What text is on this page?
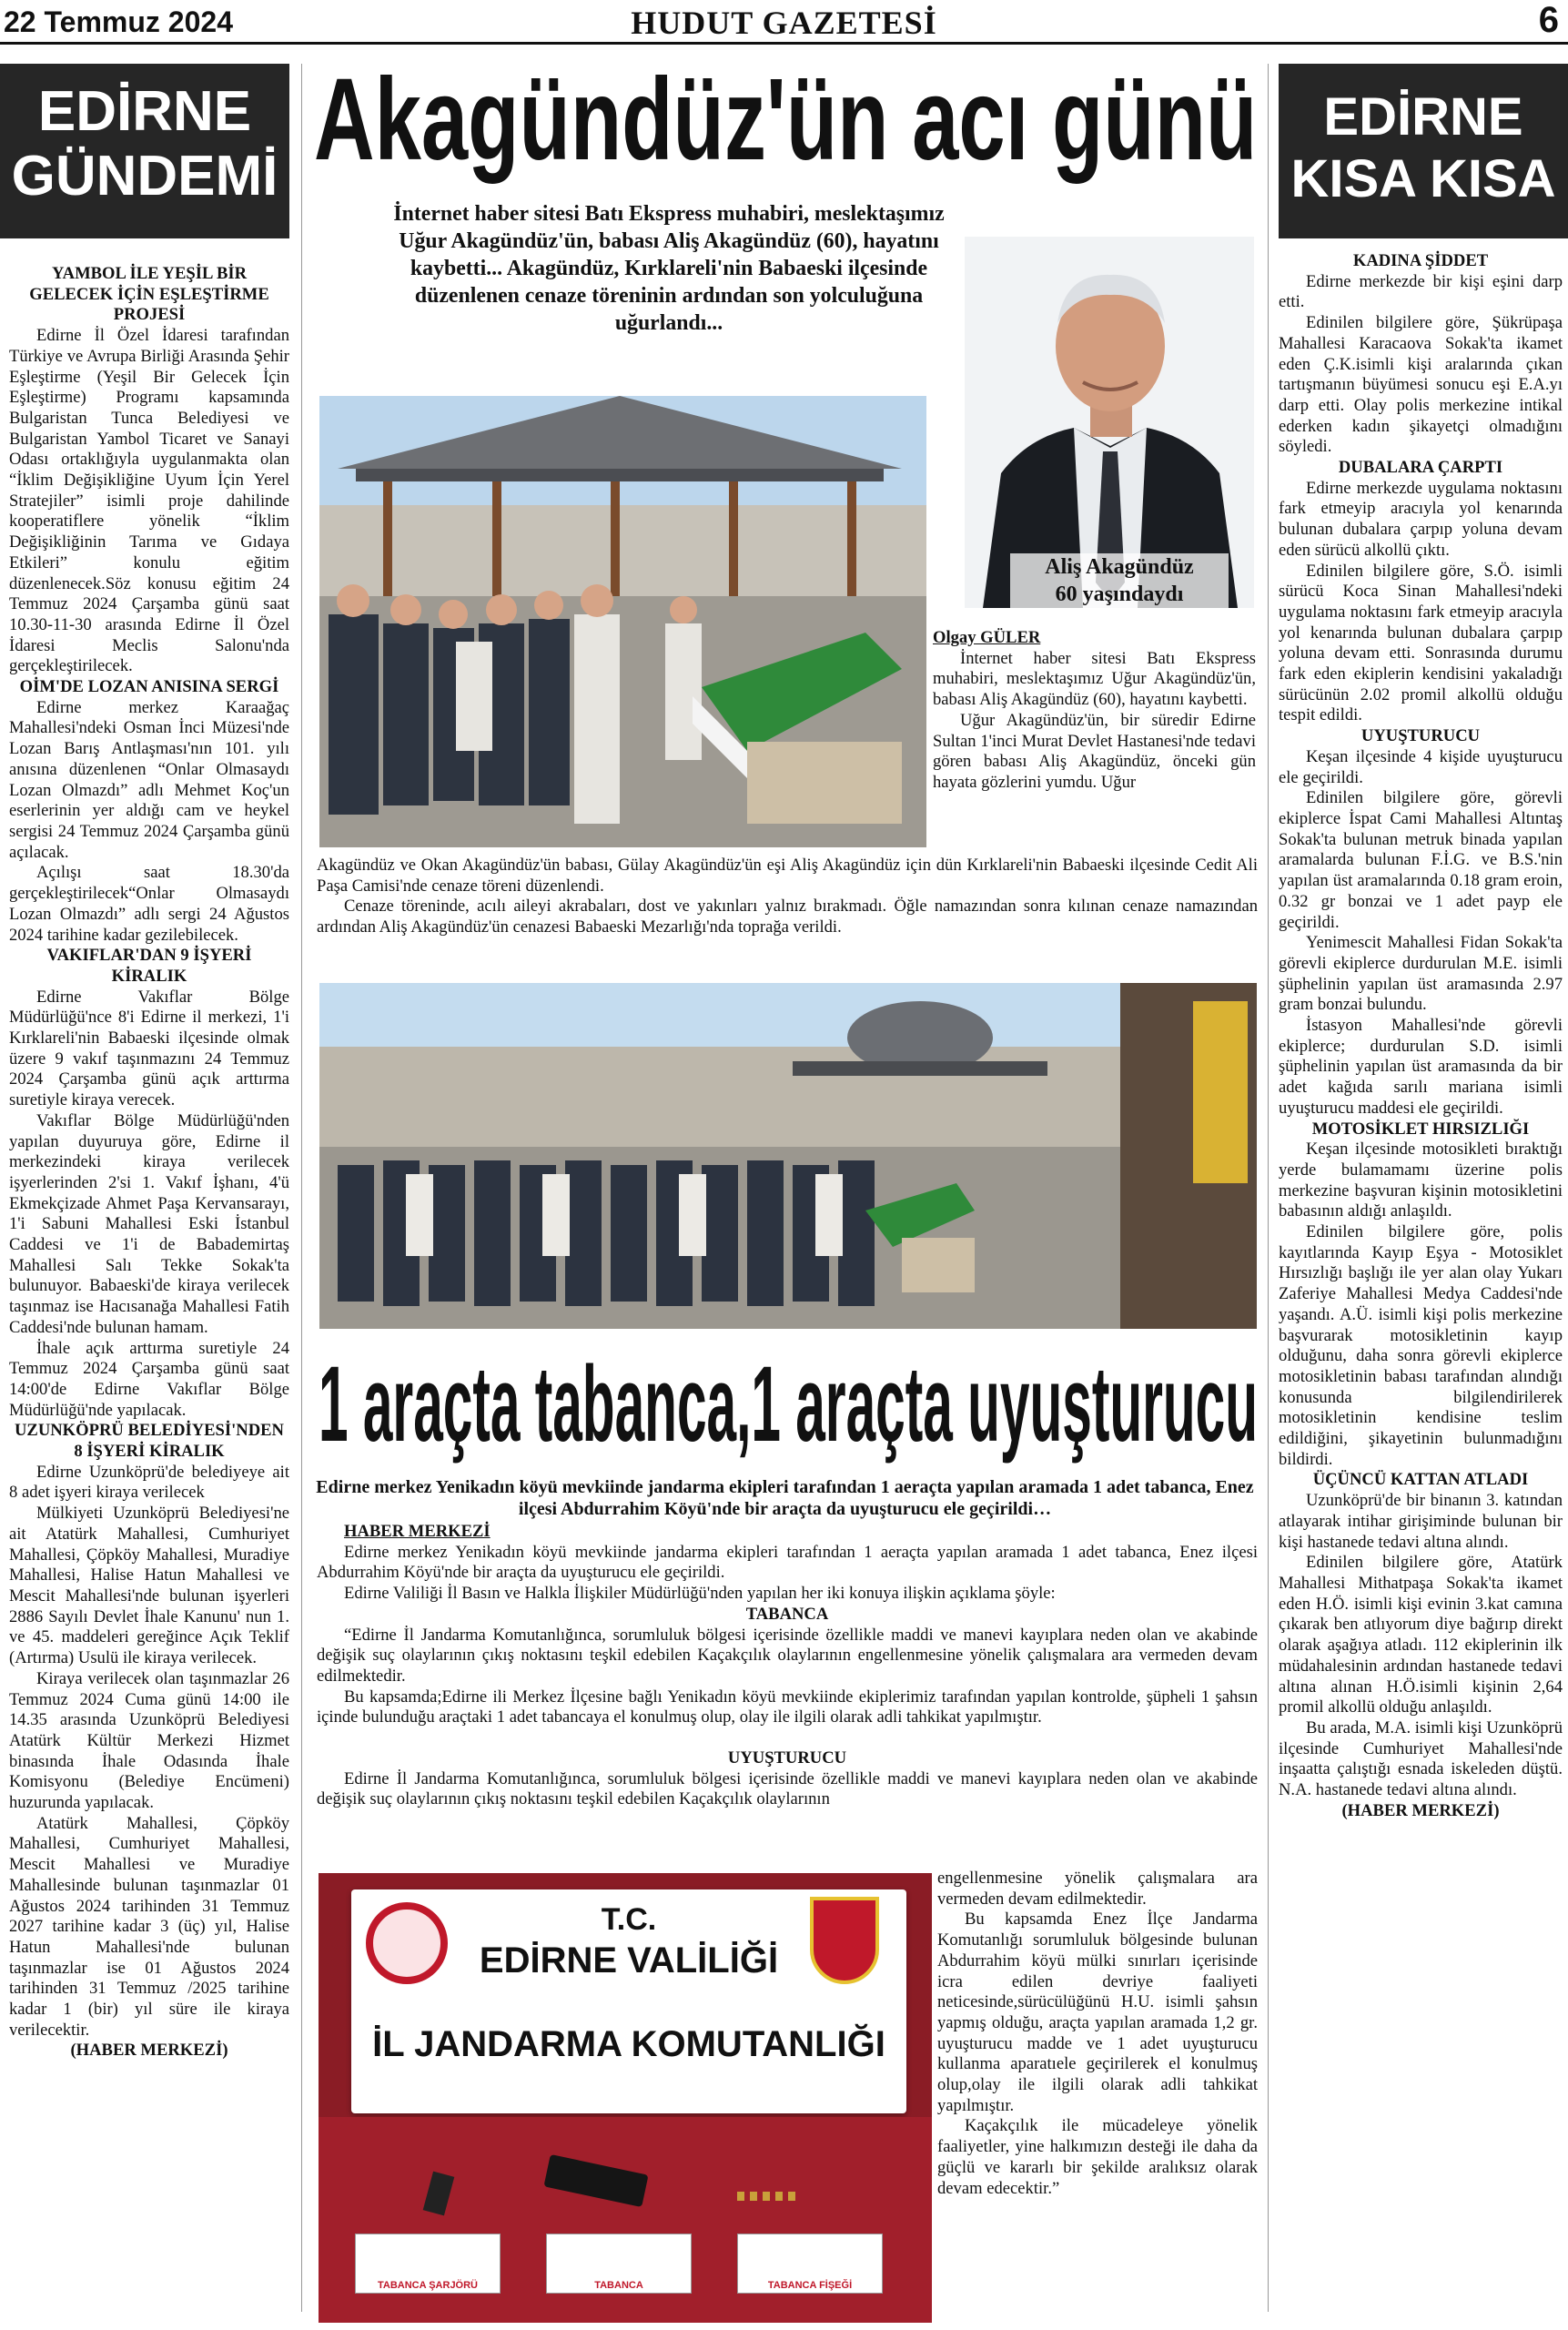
22 Temmuz 2024	HUDUT GAZETESİ	6
EDİRNE
GÜNDEMİ
YAMBOL İLE YEŞİL BİR GELECEK İÇİN EŞLEŞTİRME PROJESİ

Edirne İl Özel İdaresi tarafından Türkiye ve Avrupa Birliği Arasında Şehir Eşleştirme (Yeşil Bir Gelecek İçin Eşleştirme) Programı kapsamında Bulgaristan Tunca Belediyesi ve Bulgaristan Yambol Ticaret ve Sanayi Odası ortaklığıyla uygulanmakta olan “İklim Değişikliğine Uyum İçin Yerel Stratejiler” isimli proje dahilinde kooperatiflere yönelik “İklim Değişikliğinin Tarıma ve Gıdaya Etkileri” konulu eğitim düzenlenecek.Söz konusu eğitim 24 Temmuz 2024 Çarşamba günü saat 10.30-11-30 arasında Edirne İl Özel İdaresi Meclis Salonu'nda gerçekleştirilecek.

OİM'DE LOZAN ANISINA SERGİ

Edirne merkez Karaağaç Mahallesi'ndeki Osman İnci Müzesi'nde Lozan Barış Antlaşması'nın 101. yılı anısına düzenlenen “Onlar Olmasaydı Lozan Olmazdı” adlı Mehmet Koç'un eserlerinin yer aldığı cam ve heykel sergisi 24 Temmuz 2024 Çarşamba günü açılacak.

Açılışı saat 18.30'da gerçekleştirilecek“Onlar Olmasaydı Lozan Olmazdı” adlı sergi 24 Ağustos 2024 tarihine kadar gezilebilecek.

VAKIFLAR'DAN 9 İŞYERİ KİRALIK

Edirne Vakıflar Bölge Müdürlüğü'nce 8'i Edirne il merkezi, 1'i Kırklareli'nin Babaeski ilçesinde olmak üzere 9 vakıf taşınmazını 24 Temmuz 2024 Çarşamba günü açık arttırma suretiyle kiraya verecek.

Vakıflar Bölge Müdürlüğü'nden yapılan duyuruya göre, Edirne il merkezindeki kiraya verilecek işyerlerinden 2'si 1. Vakıf İşhanı, 4'ü Ekmekçizade Ahmet Paşa Kervansarayı, 1'i Sabuni Mahallesi Eski İstanbul Caddesi ve 1'i de Babademirtaş Mahallesi Salı Tekke Sokak'ta bulunuyor. Babaeski'de kiraya verilecek taşınmaz ise Hacısanağa Mahallesi Fatih Caddesi'nde bulunan hamam.

İhale açık arttırma suretiyle 24 Temmuz 2024 Çarşamba günü saat 14:00'de Edirne Vakıflar Bölge Müdürlüğü'nde yapılacak.

UZUNKÖPRÜ BELEDİYESİ'NDEN 8 İŞYERİ KİRALIK

Edirne Uzunköprü'de belediyeye ait 8 adet işyeri kiraya verilecek

Mülkiyeti Uzunköprü Belediyesi'ne ait Atatürk Mahallesi, Cumhuriyet Mahallesi, Çöpköy Mahallesi, Muradiye Mahallesi, Halise Hatun Mahallesi ve Mescit Mahallesi'nde bulunan işyerleri 2886 Sayılı Devlet İhale Kanunu' nun 1. ve 45. maddeleri gereğince Açık Teklif (Artırma) Usulü ile kiraya verilecek.

Kiraya verilecek olan taşınmazlar 26 Temmuz 2024 Cuma günü 14:00 ile 14.35 arasında Uzunköprü Belediyesi Atatürk Kültür Merkezi Hizmet binasında İhale Odasında İhale Komisyonu (Belediye Encümeni) huzurunda yapılacak.

Atatürk Mahallesi, Çöpköy Mahallesi, Cumhuriyet Mahallesi, Mescit Mahallesi ve Muradiye Mahallesinde bulunan taşınmazlar 01 Ağustos 2024 tarihinden 31 Temmuz 2027 tarihine kadar 3 (üç) yıl, Halise Hatun Mahallesi'nde bulunan taşınmazlar ise 01 Ağustos 2024 tarihinden 31 Temmuz /2025 tarihine kadar 1 (bir) yıl süre ile kiraya verilecektir.

(HABER MERKEZİ)
Akagündüz'ün acı günü
İnternet haber sitesi Batı Ekspress muhabiri, meslektaşımız Uğur Akagündüz'ün, babası Aliş Akagündüz (60), hayatını kaybetti... Akagündüz, Kırklareli'nin Babaeski ilçesinde düzenlenen cenaze töreninin ardından son yolculuğuna uğurlandı...
Aliş Akagündüz
60 yaşındaydı
Olgay GÜLER

İnternet haber sitesi Batı Ekspress muhabiri, meslektaşımız Uğur Akagündüz'ün, babası Aliş Akagündüz (60), hayatını kaybetti.

Uğur Akagündüz'ün, bir süredir Edirne Sultan 1'inci Murat Devlet Hastanesi'nde tedavi gören babası Aliş Akagündüz, önceki gün hayata gözlerini yumdu. Uğur

Akagündüz ve Okan Akagündüz'ün babası, Gülay Akagündüz'ün eşi Aliş Akagündüz için dün Kırklareli'nin Babaeski ilçesinde Cedit Ali Paşa Camisi'nde cenaze töreni düzenlendi.

Cenaze töreninde, acılı aileyi akrabaları, dost ve yakınları yalnız bırakmadı. Öğle namazından sonra kılınan cenaze namazından ardından Aliş Akagündüz'ün cenazesi Babaeski Mezarlığı'nda toprağa verildi.

1 araçta tabanca,1 araçta uyuşturucu
Edirne merkez Yenikadın köyü mevkiinde jandarma ekipleri tarafından 1 aeraçta yapılan aramada 1 adet tabanca, Enez ilçesi Abdurrahim Köyü'nde bir araçta da uyuşturucu ele geçirildi…
HABER MERKEZİ

Edirne merkez Yenikadın köyü mevkiinde jandarma ekipleri tarafından 1 aeraçta yapılan aramada 1 adet tabanca, Enez ilçesi Abdurrahim Köyü'nde bir araçta da uyuşturucu ele geçirildi.

Edirne Valiliği İl Basın ve Halkla İlişkiler Müdürlüğü'nden yapılan her iki konuya ilişkin açıklama şöyle:

TABANCA

“Edirne İl Jandarma Komutanlığınca, sorumluluk bölgesi içerisinde özellikle maddi ve manevi kayıplara neden olan ve akabinde değişik suç olaylarının çıkış noktasını teşkil edebilen Kaçakçılık olaylarının engellenmesine yönelik çalışmalara ara vermeden devam edilmektedir.

Bu kapsamda;Edirne ili Merkez İlçesine bağlı Yenikadın köyü mevkiinde ekiplerimiz tarafından yapılan kontrolde, şüpheli 1 şahsın içinde bulunduğu araçtaki 1 adet tabancaya el konulmuş olup, olay ile ilgili olarak adli tahkikat yapılmıştır.

UYUŞTURUCU

Edirne İl Jandarma Komutanlığınca, sorumluluk bölgesi içerisinde özellikle maddi ve manevi kayıplara neden olan ve akabinde değişik suç olaylarının çıkış noktasını teşkil edebilen Kaçakçılık olaylarının

T.C.
EDİRNE VALİLİĞİ
İL JANDARMA KOMUTANLIĞI
TABANCA ŞARJÖRÜ	TABANCA	TABANCA FİŞEĞİ
engellenmesine yönelik çalışmalara ara vermeden devam edilmektedir.

Bu kapsamda Enez İlçe Jandarma Komutanlığı sorumluluk bölgesinde bulunan Abdurrahim köyü mülki sınırları içerisinde icra edilen devriye faaliyeti neticesinde,sürücülüğünü H.U. isimli şahsın yapmış olduğu, araçta yapılan aramada 1,2 gr. uyuşturucu madde ve 1 adet uyuşturucu kullanma aparatıele geçirilerek el konulmuş olup,olay ile ilgili olarak adli tahkikat yapılmıştır.

Kaçakçılık ile mücadeleye yönelik faaliyetler, yine halkımızın desteği ile daha da güçlü ve kararlı bir şekilde aralıksız olarak devam edecektir.”

EDİRNE
KISA KISA
KADINA ŞİDDET

Edirne merkezde bir kişi eşini darp etti.

Edinilen bilgilere göre, Şükrüpaşa Mahallesi Karacaova Sokak'ta ikamet eden Ç.K.isimli kişi aralarında çıkan tartışmanın büyümesi sonucu eşi E.A.yı darp etti. Olay polis merkezine intikal ederken kadın şikayetçi olmadığını söyledi.

DUBALARA ÇARPTI

Edirne merkezde uygulama noktasını fark etmeyip aracıyla yol kenarında bulunan dubalara çarpıp yoluna devam eden sürücü alkollü çıktı.

Edinilen bilgilere göre, S.Ö. isimli sürücü Koca Sinan Mahallesi'ndeki uygulama noktasını fark etmeyip aracıyla yol kenarında bulunan dubalara çarpıp yoluna devam etti. Sonrasında durumu fark eden ekiplerin kendisini yakaladığı sürücünün 2.02 promil alkollü olduğu tespit edildi.

UYUŞTURUCU

Keşan ilçesinde 4 kişide uyuşturucu ele geçirildi.

Edinilen bilgilere göre, görevli ekiplerce İspat Cami Mahallesi Altıntaş Sokak'ta bulunan metruk binada yapılan aramalarda bulunan F.İ.G. ve B.S.'nin yapılan üst aramalarında 0.18 gram eroin, 0.32 gr bonzai ve 1 adet payp ele geçirildi.

Yenimescit Mahallesi Fidan Sokak'ta görevli ekiplerce durdurulan M.E. isimli şüphelinin yapılan üst aramasında 2.97 gram bonzai bulundu.

İstasyon Mahallesi'nde görevli ekiplerce; durdurulan S.D. isimli şüphelinin yapılan üst aramasında da bir adet kağıda sarılı mariana isimli uyuşturucu maddesi ele geçirildi.

MOTOSİKLET HIRSIZLIĞI

Keşan ilçesinde motosikleti bıraktığı yerde bulamamamı üzerine polis merkezine başvuran kişinin motosikletini babasının aldığı anlaşıldı.

Edinilen bilgilere göre, polis kayıtlarında Kayıp Eşya - Motosiklet Hırsızlığı başlığı ile yer alan olay Yukarı Zaferiye Mahallesi Medya Caddesi'nde yaşandı. A.Ü. isimli kişi polis merkezine başvurarak motosikletinin kayıp olduğunu, daha sonra görevli ekiplerce motosikletinin babası tarafından alındığı konusunda bilgilendirilerek motosikletinin kendisine teslim edildiğini, şikayetinin bulunmadığını bildirdi.

ÜÇÜNCÜ KATTAN ATLADI

Uzunköprü'de bir binanın 3. katından atlayarak intihar girişiminde bulunan bir kişi hastanede tedavi altına alındı.

Edinilen bilgilere göre, Atatürk Mahallesi Mithatpaşa Sokak'ta ikamet eden H.Ö. isimli kişi evinin 3.kat camına çıkarak ben atlıyorum diye bağırıp direkt olarak aşağıya atladı. 112 ekiplerinin ilk müdahalesinin ardından hastanede tedavi altına alınan H.Ö.isimli kişinin 2,64 promil alkollü olduğu anlaşıldı.

Bu arada, M.A. isimli kişi Uzunköprü ilçesinde Cumhuriyet Mahallesi'nde inşaatta çalıştığı esnada iskeleden düştü. N.A. hastanede tedavi altına alındı.

(HABER MERKEZİ)
